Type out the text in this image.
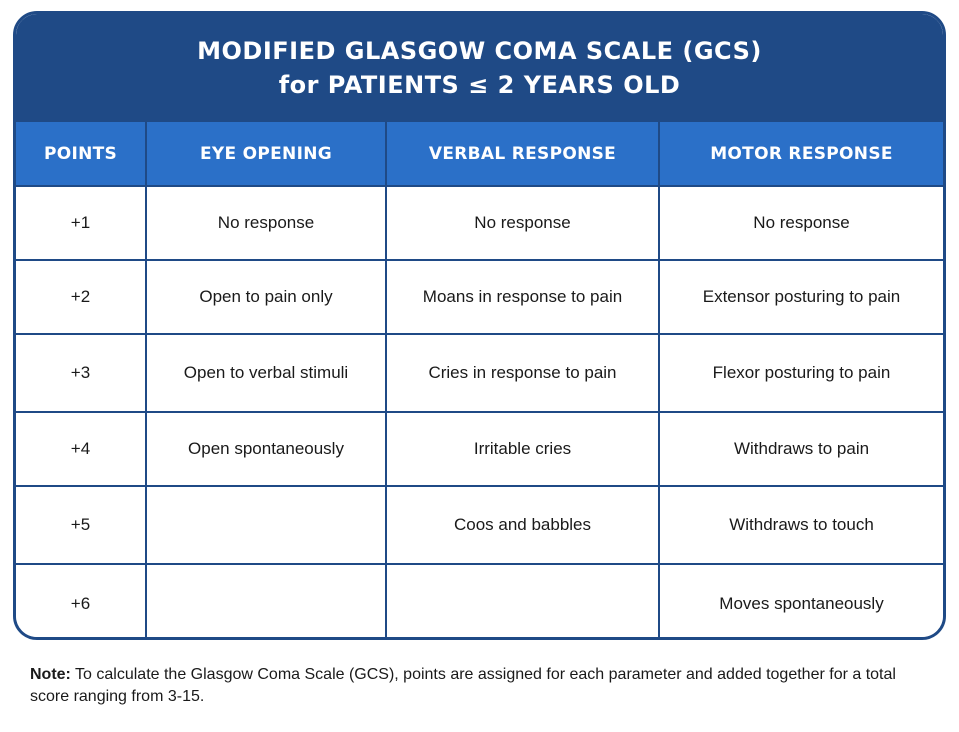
MODIFIED GLASGOW COMA SCALE (GCS)
for PATIENTS ≤ 2 YEARS OLD
POINTS	EYE OPENING	VERBAL RESPONSE	MOTOR RESPONSE
+1	No response	No response	No response
+2	Open to pain only	Moans in response to pain	Extensor posturing to pain
+3	Open to verbal stimuli	Cries in response to pain	Flexor posturing to pain
+4	Open spontaneously	Irritable cries	Withdraws to pain
+5		Coos and babbles	Withdraws to touch
+6			Moves spontaneously

Note: To calculate the Glasgow Coma Scale (GCS), points are assigned for each parameter and added together for a total score ranging from 3-15.
